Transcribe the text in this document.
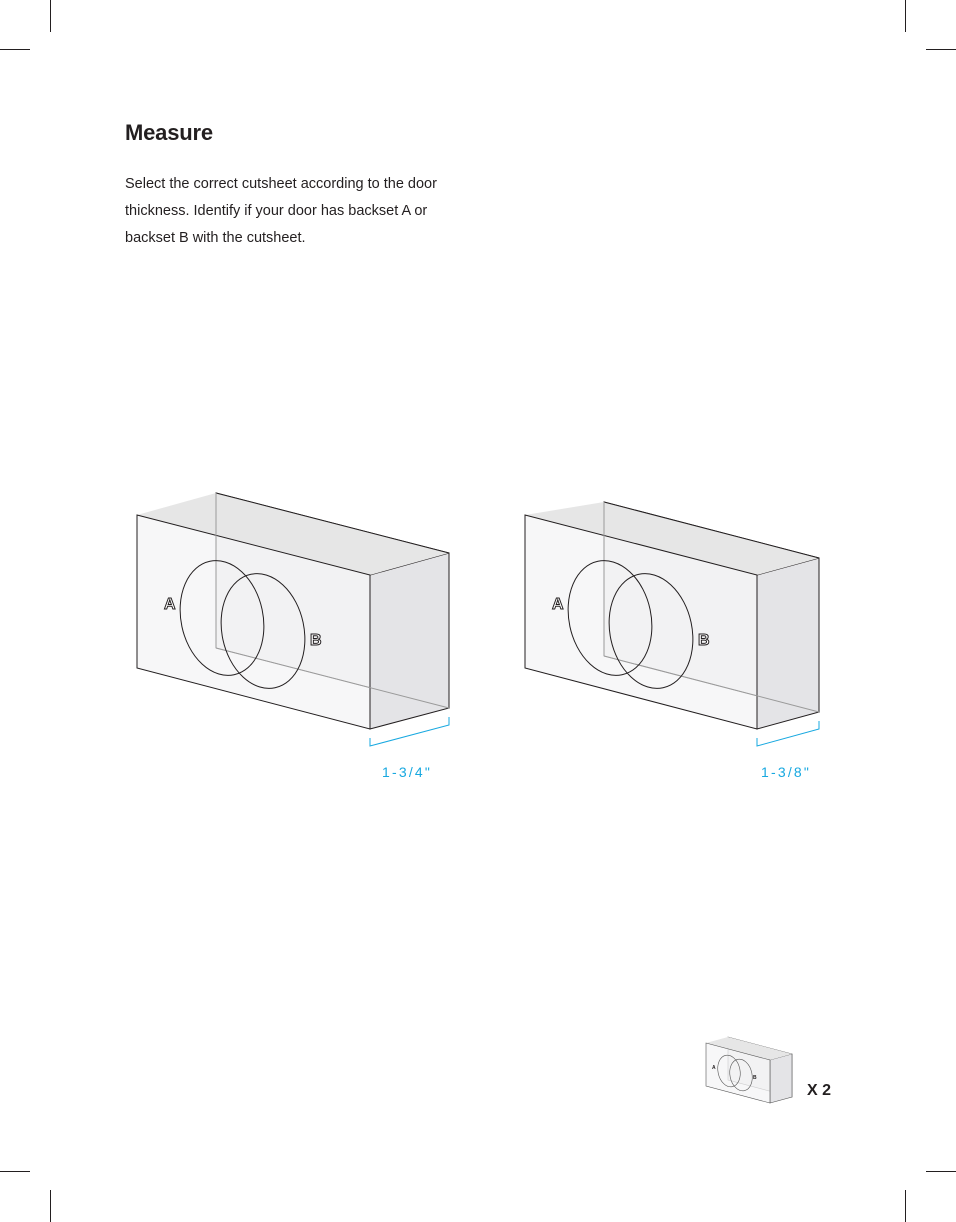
Measure

Select the correct cutsheet according to the door thickness. Identify if your door has backset A or backset B with the cutsheet.

A
B
A
B
1-3/4"	1-3/8"
A
B
X 2
